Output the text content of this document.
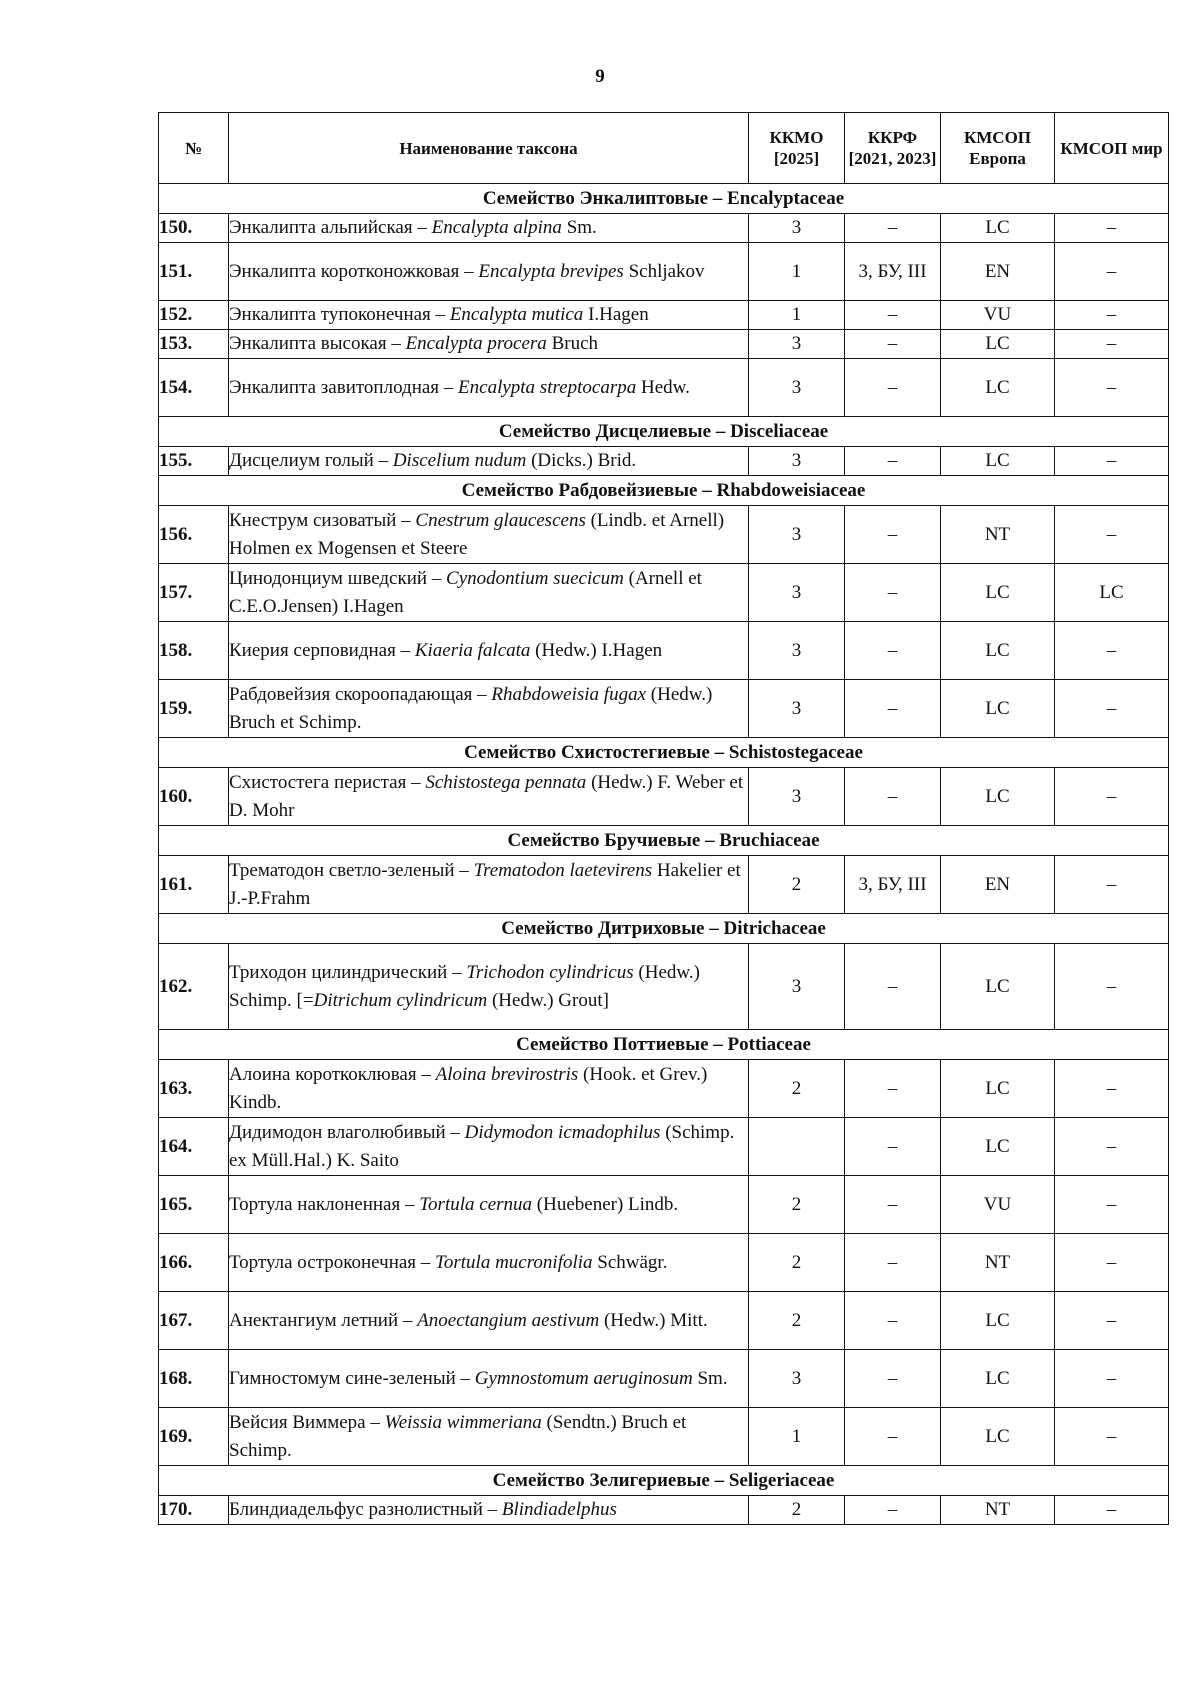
9
№	Наименование таксона	ККМО [2025]	ККРФ [2021, 2023]	КМСОП Европа	КМСОП мир
Семейство Энкалиптовые – Encalyptaceae					
150.	Энкалипта альпийская – Encalypta alpina Sm.	3	–	LC	–
151.	Энкалипта коротконожковая – Encalypta brevipes Schljakov	1	3, БУ, III	EN	–
152.	Энкалипта тупоконечная – Encalypta mutica I.Hagen	1	–	VU	–
153.	Энкалипта высокая – Encalypta procera Bruch	3	–	LC	–
154.	Энкалипта завитоплодная – Encalypta streptocarpa Hedw.	3	–	LC	–
Семейство Дисцелиевые – Disceliaceae					
155.	Дисцелиум голый – Discelium nudum (Dicks.) Brid.	3	–	LC	–
Семейство Рабдовейзиевые – Rhabdoweisiaceae					
156.	Кнеструм сизоватый – Cnestrum glaucescens (Lindb. et Arnell) Holmen ex Mogensen et Steere	3	–	NT	–
157.	Цинодонциум шведский – Cynodontium suecicum (Arnell et C.E.O.Jensen) I.Hagen	3	–	LC	LC
158.	Киерия серповидная – Kiaeria falcata (Hedw.) I.Hagen	3	–	LC	–
159.	Рабдовейзия скороопадающая – Rhabdoweisia fugax (Hedw.) Bruch et Schimp.	3	–	LC	–
Семейство Схистостегиевые – Schistostegaceae					
160.	Схистостега перистая – Schistostega pennata (Hedw.) F. Weber et D. Mohr	3	–	LC	–
Семейство Бручиевые – Bruchiaceae					
161.	Трематодон светло-зеленый – Trematodon laetevirens Hakelier et J.-P.Frahm	2	3, БУ, III	EN	–
Семейство Дитриховые – Ditrichaceae					
162.	Триходон цилиндрический – Trichodon cylindricus (Hedw.) Schimp. [=Ditrichum cylindricum (Hedw.) Grout]	3	–	LC	–
Семейство Поттиевые – Pottiaceae					
163.	Алоина короткоклювая – Aloina brevirostris (Hook. et Grev.) Kindb.	2	–	LC	–
164.	Дидимодон влаголюбивый – Didymodon icmadophilus (Schimp. ex Müll.Hal.) K. Saito		–	LC	–
165.	Тортула наклоненная – Tortula cernua (Huebener) Lindb.	2	–	VU	–
166.	Тортула остроконечная – Tortula mucronifolia Schwägr.	2	–	NT	–
167.	Анектангиум летний – Anoectangium aestivum (Hedw.) Mitt.	2	–	LC	–
168.	Гимностомум сине-зеленый – Gymnostomum aeruginosum Sm.	3	–	LC	–
169.	Вейсия Виммера – Weissia wimmeriana (Sendtn.) Bruch et Schimp.	1	–	LC	–
Семейство Зелигериевые – Seligeriaceae					
170.	Блиндиадельфус разнолистный – Blindiadelphus	2	–	NT	–
